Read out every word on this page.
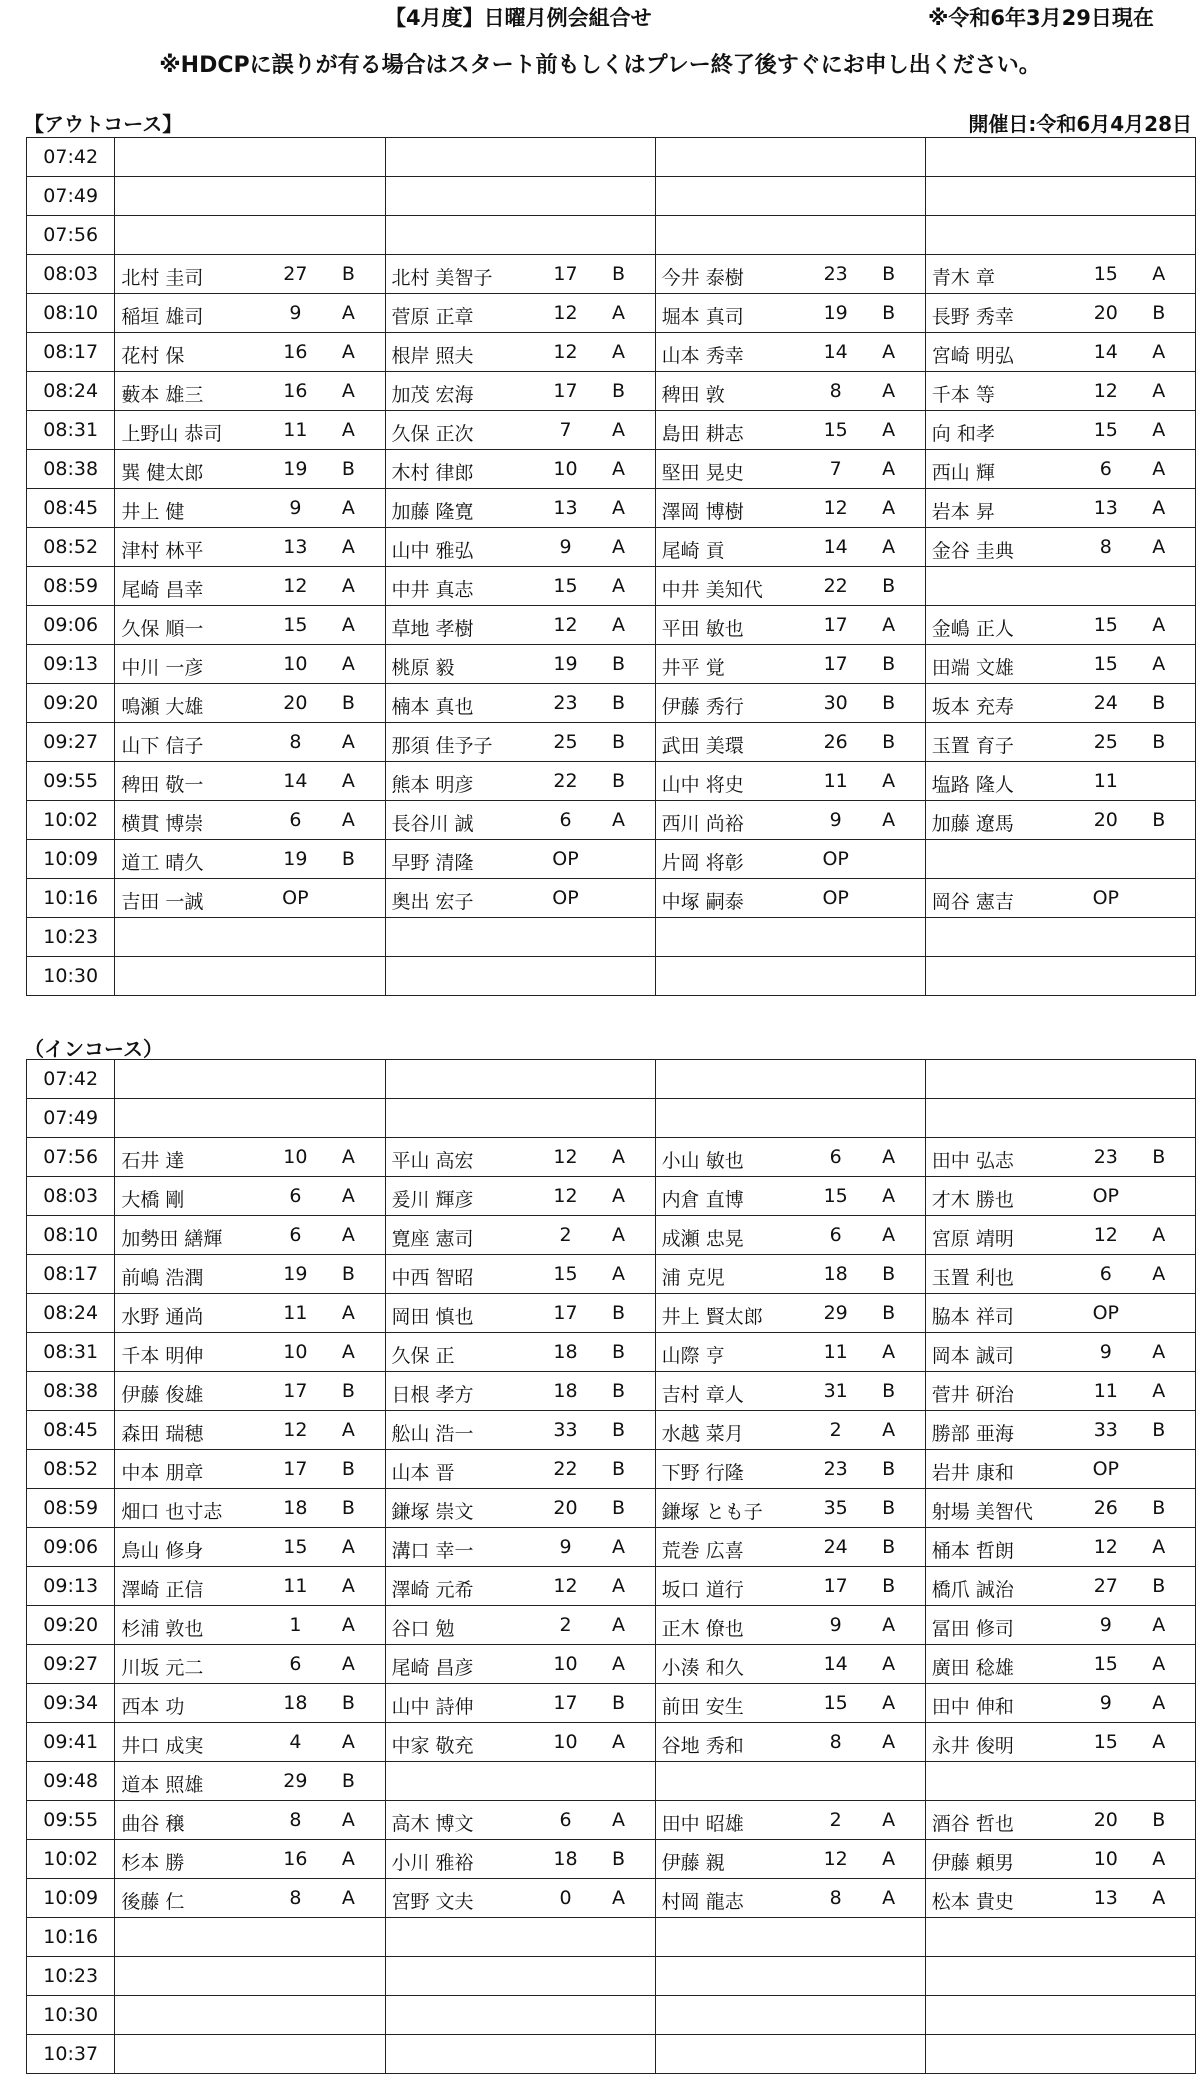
【4月度】日曜月例会組合せ	※令和6年3月29日現在
※HDCPに誤りが有る場合はスタート前もしくはプレー終了後すぐにお申し出ください。
【アウトコース】	開催日:令和6月4月28日
07:42	

07:49	

07:56	

08:03	北村 圭司 27 B	北村 美智子 17 B	今井 泰樹 23 B	青木 章 15 A

08:10	稲垣 雄司 9 A	菅原 正章 12 A	堀本 真司 19 B	長野 秀幸 20 B

08:17	花村 保 16 A	根岸 照夫 12 A	山本 秀幸 14 A	宮崎 明弘 14 A

08:24	藪本 雄三 16 A	加茂 宏海 17 B	稗田 敦 8 A	千本 等 12 A

08:31	上野山 恭司 11 A	久保 正次 7 A	島田 耕志 15 A	向 和孝 15 A

08:38	巽 健太郎 19 B	木村 律郎 10 A	堅田 晃史 7 A	西山 輝 6 A

08:45	井上 健 9 A	加藤 隆寛 13 A	澤岡 博樹 12 A	岩本 昇 13 A

08:52	津村 林平 13 A	山中 雅弘 9 A	尾崎 貢 14 A	金谷 圭典 8 A

08:59	尾崎 昌幸 12 A	中井 真志 15 A	中井 美知代 22 B	

09:06	久保 順一 15 A	草地 孝樹 12 A	平田 敏也 17 A	金嶋 正人 15 A

09:13	中川 一彦 10 A	桃原 毅 19 B	井平 覚 17 B	田端 文雄 15 A

09:20	鳴瀬 大雄 20 B	楠本 真也 23 B	伊藤 秀行 30 B	坂本 充寿 24 B

09:27	山下 信子 8 A	那須 佳予子 25 B	武田 美環 26 B	玉置 育子 25 B

09:55	稗田 敬一 14 A	熊本 明彦 22 B	山中 将史 11 A	塩路 隆人 11

10:02	横貫 博崇 6 A	長谷川 誠 6 A	西川 尚裕 9 A	加藤 遼馬 20 B

10:09	道工 晴久 19 B	早野 清隆 OP	片岡 将彰 OP	

10:16	吉田 一誠 OP	奥出 宏子 OP	中塚 嗣泰 OP	岡谷 憲吉 OP

10:23	

10:30	

（インコース）
07:42	

07:49	

07:56	石井 達 10 A	平山 高宏 12 A	小山 敏也 6 A	田中 弘志 23 B

08:03	大橋 剛 6 A	爰川 輝彦 12 A	内倉 直博 15 A	才木 勝也 OP

08:10	加勢田 繕輝 6 A	寛座 憲司 2 A	成瀬 忠晃 6 A	宮原 靖明 12 A

08:17	前嶋 浩潤 19 B	中西 智昭 15 A	浦 克児 18 B	玉置 利也 6 A

08:24	水野 通尚 11 A	岡田 慎也 17 B	井上 賢太郎 29 B	脇本 祥司 OP

08:31	千本 明伸 10 A	久保 正 18 B	山際 亨 11 A	岡本 誠司 9 A

08:38	伊藤 俊雄 17 B	日根 孝方 18 B	吉村 章人 31 B	菅井 研治 11 A

08:45	森田 瑞穂 12 A	舩山 浩一 33 B	水越 菜月 2 A	勝部 亜海 33 B

08:52	中本 朋章 17 B	山本 晋 22 B	下野 行隆 23 B	岩井 康和 OP

08:59	畑口 也寸志 18 B	鎌塚 崇文 20 B	鎌塚 とも子 35 B	射場 美智代 26 B

09:06	鳥山 修身 15 A	溝口 幸一 9 A	荒巻 広喜 24 B	桶本 哲朗 12 A

09:13	澤崎 正信 11 A	澤崎 元希 12 A	坂口 道行 17 B	橋爪 誠治 27 B

09:20	杉浦 敦也 1 A	谷口 勉 2 A	正木 僚也 9 A	冨田 修司 9 A

09:27	川坂 元二 6 A	尾崎 昌彦 10 A	小湊 和久 14 A	廣田 稔雄 15 A

09:34	西本 功 18 B	山中 詩伸 17 B	前田 安生 15 A	田中 伸和 9 A

09:41	井口 成実 4 A	中家 敬充 10 A	谷地 秀和 8 A	永井 俊明 15 A

09:48	道本 照雄 29 B			

09:55	曲谷 穣 8 A	高木 博文 6 A	田中 昭雄 2 A	酒谷 哲也 20 B

10:02	杉本 勝 16 A	小川 雅裕 18 B	伊藤 親 12 A	伊藤 頼男 10 A

10:09	後藤 仁 8 A	宮野 文夫 0 A	村岡 龍志 8 A	松本 貴史 13 A

10:16	

10:23	

10:30	

10:37	
